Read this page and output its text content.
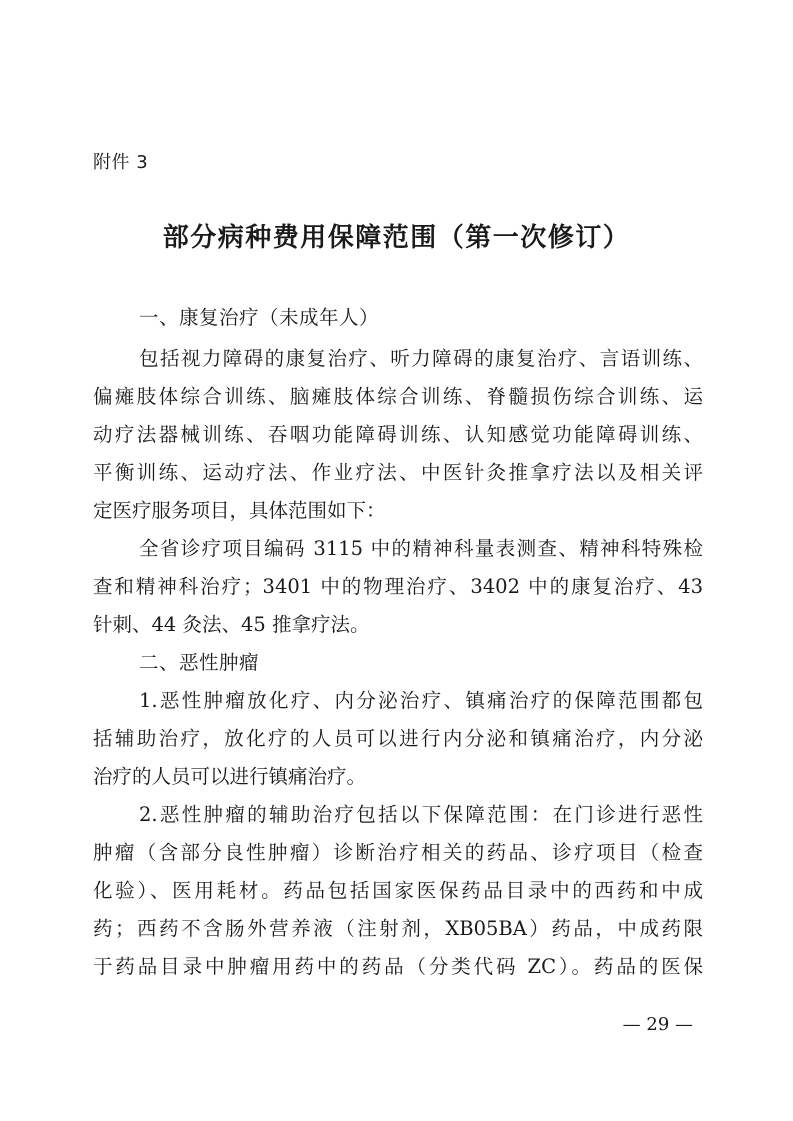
附件 3
部分病种费用保障范围（第一次修订）
一、康复治疗（未成年人）
包括视力障碍的康复治疗、听力障碍的康复治疗、言语训练、
偏瘫肢体综合训练、脑瘫肢体综合训练、脊髓损伤综合训练、运
动疗法器械训练、吞咽功能障碍训练、认知感觉功能障碍训练、
平衡训练、运动疗法、作业疗法、中医针灸推拿疗法以及相关评
定医疗服务项目，具体范围如下：
全省诊疗项目编码 3115 中的精神科量表测查、精神科特殊检
查和精神科治疗；3401 中的物理治疗、3402 中的康复治疗、43
针刺、44 灸法、45 推拿疗法。
二、恶性肿瘤
1.恶性肿瘤放化疗、内分泌治疗、镇痛治疗的保障范围都包
括辅助治疗，放化疗的人员可以进行内分泌和镇痛治疗，内分泌
治疗的人员可以进行镇痛治疗。
2.恶性肿瘤的辅助治疗包括以下保障范围：在门诊进行恶性
肿瘤（含部分良性肿瘤）诊断治疗相关的药品、诊疗项目（检查
化验）、医用耗材。药品包括国家医保药品目录中的西药和中成
药；西药不含肠外营养液（注射剂，XB05BA）药品，中成药限
于药品目录中肿瘤用药中的药品（分类代码 ZC）。药品的医保
— 29 —
